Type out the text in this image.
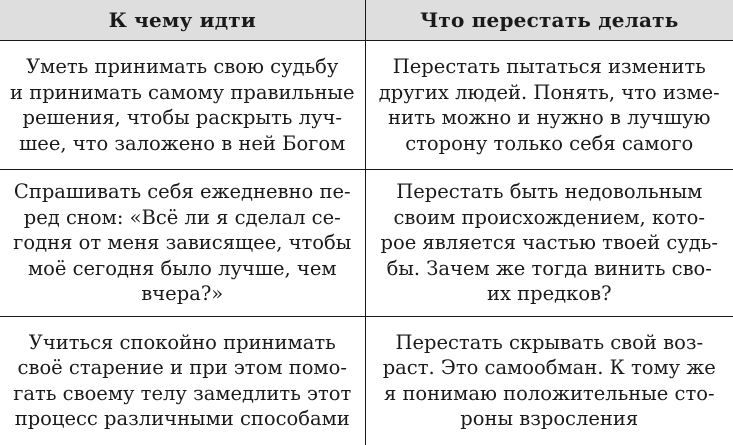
К чему идти	Что перестать делать

Уметь принимать свою судьбу
и принимать самому правильные
решения, чтобы раскрыть луч-
шее, что заложено в ней Богом	Перестать пытаться изменить
других людей. Понять, что изме-
нить можно и нужно в лучшую
сторону только себя самого

Спрашивать себя ежедневно пе-
ред сном: «Всё ли я сделал се-
годня от меня зависящее, чтобы
моё сегодня было лучше, чем
вчера?»	Перестать быть недовольным
своим происхождением, кото-
рое является частью твоей судь-
бы. Зачем же тогда винить сво-
их предков?

Учиться спокойно принимать
своё старение и при этом помо-
гать своему телу замедлить этот
процесс различными способами	Перестать скрывать свой воз-
раст. Это самообман. К тому же
я понимаю положительные сто-
роны взросления
